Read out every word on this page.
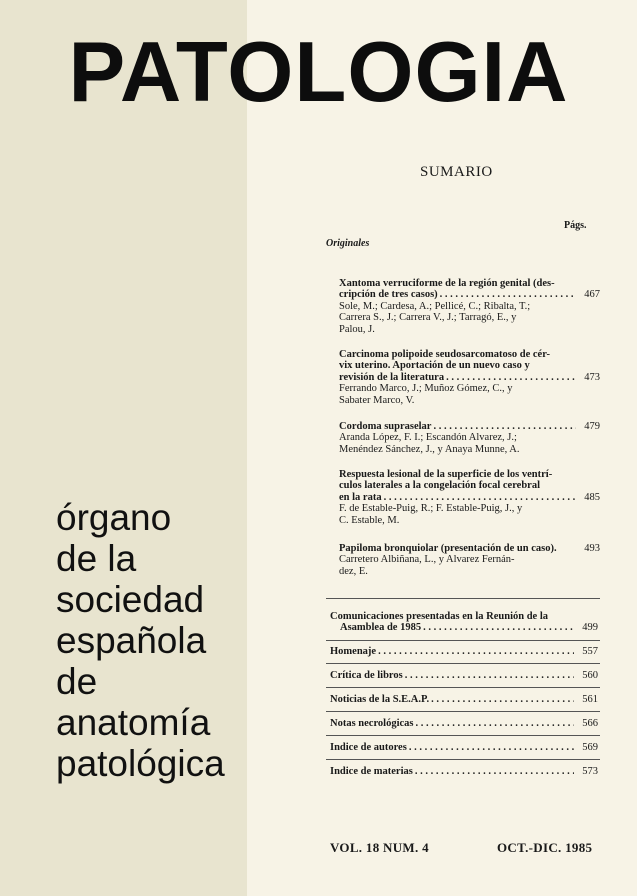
PATOLOGIA
órgano
de la
sociedad
española
de
anatomía
patológica
SUMARIO
Págs.
Originales
Xantoma verruciforme de la región genital (des-
cripción de tres casos) . . .	467
Sole, M.; Cardesa, A.; Pellicé, C.; Ribalta, T.;
Carrera S., J.; Carrera V., J.; Tarragó, E., y
Palou, J.
Carcinoma polipoide seudosarcomatoso de cér-
vix uterino. Aportación de un nuevo caso y
revisión de la literatura . . .	473
Ferrando Marco, J.; Muñoz Gómez, C., y
Sabater Marco, V.
Cordoma supraselar . . .	479
Aranda López, F. I.; Escandón Alvarez, J.;
Menéndez Sánchez, J., y Anaya Munne, A.
Respuesta lesional de la superficie de los ventrí-
culos laterales a la congelación focal cerebral
en la rata . . .	485
F. de Estable-Puig, R.; F. Estable-Puig, J., y
C. Estable, M.
Papiloma bronquiolar (presentación de un caso).	493
Carretero Albiñana, L., y Alvarez Fernán-
dez, E.
Comunicaciones presentadas en la Reunión de la
Asamblea de 1985 . . .	499
Homenaje . . .	557
Crítica de libros . . .	560
Noticias de la S.E.A.P. . . .	561
Notas necrológicas . . .	566
Indice de autores . . .	569
Indice de materias . . .	573
VOL. 18 NUM. 4	OCT.-DIC. 1985
